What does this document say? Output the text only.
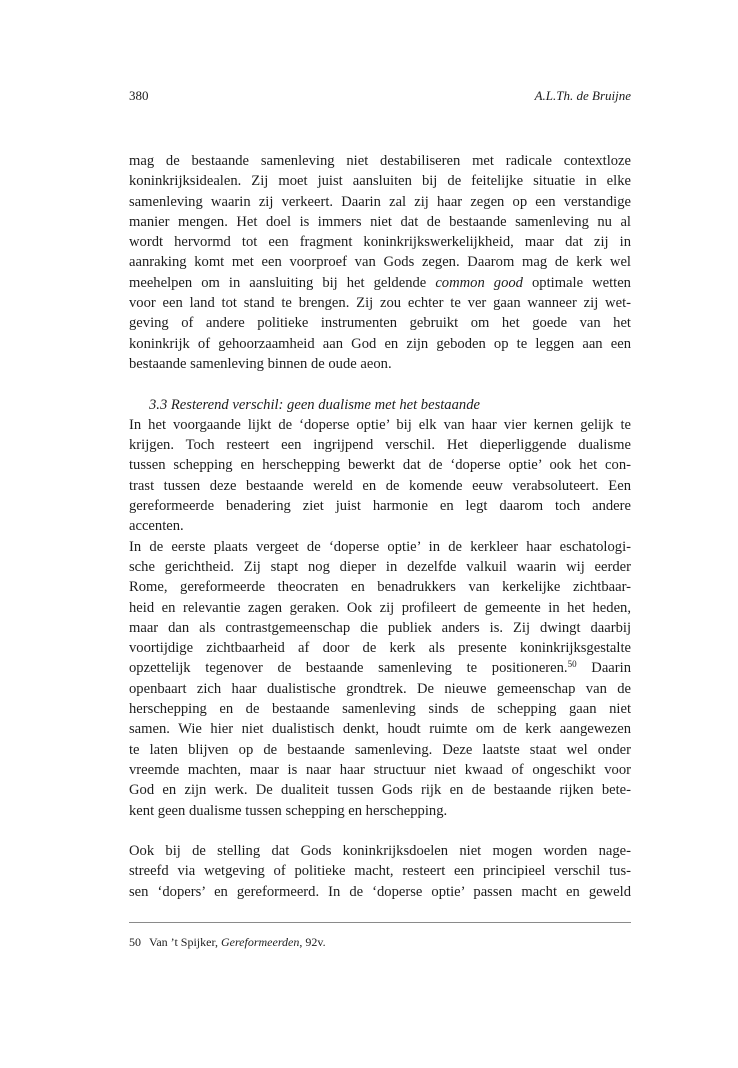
380	A.L.Th. de Bruijne

mag de bestaande samenleving niet destabiliseren met radicale contextloze
koninkrijksidealen. Zij moet juist aansluiten bij de feitelijke situatie in elke
samenleving waarin zij verkeert. Daarin zal zij haar zegen op een verstandige
manier mengen. Het doel is immers niet dat de bestaande samenleving nu al
wordt hervormd tot een fragment koninkrijkswerkelijkheid, maar dat zij in
aanraking komt met een voorproef van Gods zegen. Daarom mag de kerk wel
meehelpen om in aansluiting bij het geldende common good optimale wetten
voor een land tot stand te brengen. Zij zou echter te ver gaan wanneer zij wet-
geving of andere politieke instrumenten gebruikt om het goede van het
koninkrijk of gehoorzaamheid aan God en zijn geboden op te leggen aan een
bestaande samenleving binnen de oude aeon.

3.3 Resterend verschil: geen dualisme met het bestaande

In het voorgaande lijkt de ‘doperse optie’ bij elk van haar vier kernen gelijk te
krijgen. Toch resteert een ingrijpend verschil. Het dieperliggende dualisme
tussen schepping en herschepping bewerkt dat de ‘doperse optie’ ook het con-
trast tussen deze bestaande wereld en de komende eeuw verabsoluteert. Een
gereformeerde benadering ziet juist harmonie en legt daarom toch andere
accenten.

In de eerste plaats vergeet de ‘doperse optie’ in de kerkleer haar eschatologi-
sche gerichtheid. Zij stapt nog dieper in dezelfde valkuil waarin wij eerder
Rome, gereformeerde theocraten en benadrukkers van kerkelijke zichtbaar-
heid en relevantie zagen geraken. Ook zij profileert de gemeente in het heden,
maar dan als contrastgemeenschap die publiek anders is. Zij dwingt daarbij
voortijdige zichtbaarheid af door de kerk als presente koninkrijksgestalte
opzettelijk tegenover de bestaande samenleving te positioneren.$^{50}$ Daarin
openbaart zich haar dualistische grondtrek. De nieuwe gemeenschap van de
herschepping en de bestaande samenleving sinds de schepping gaan niet
samen. Wie hier niet dualistisch denkt, houdt ruimte om de kerk aangewezen
te laten blijven op de bestaande samenleving. Deze laatste staat wel onder
vreemde machten, maar is naar haar structuur niet kwaad of ongeschikt voor
God en zijn werk. De dualiteit tussen Gods rijk en de bestaande rijken bete-
kent geen dualisme tussen schepping en herschepping.

Ook bij de stelling dat Gods koninkrijksdoelen niet mogen worden nage-
streefd via wetgeving of politieke macht, resteert een principieel verschil tus-
sen ‘dopers’ en gereformeerd. In de ‘doperse optie’ passen macht en geweld

50 Van ’t Spijker, Gereformeerden, 92v.
